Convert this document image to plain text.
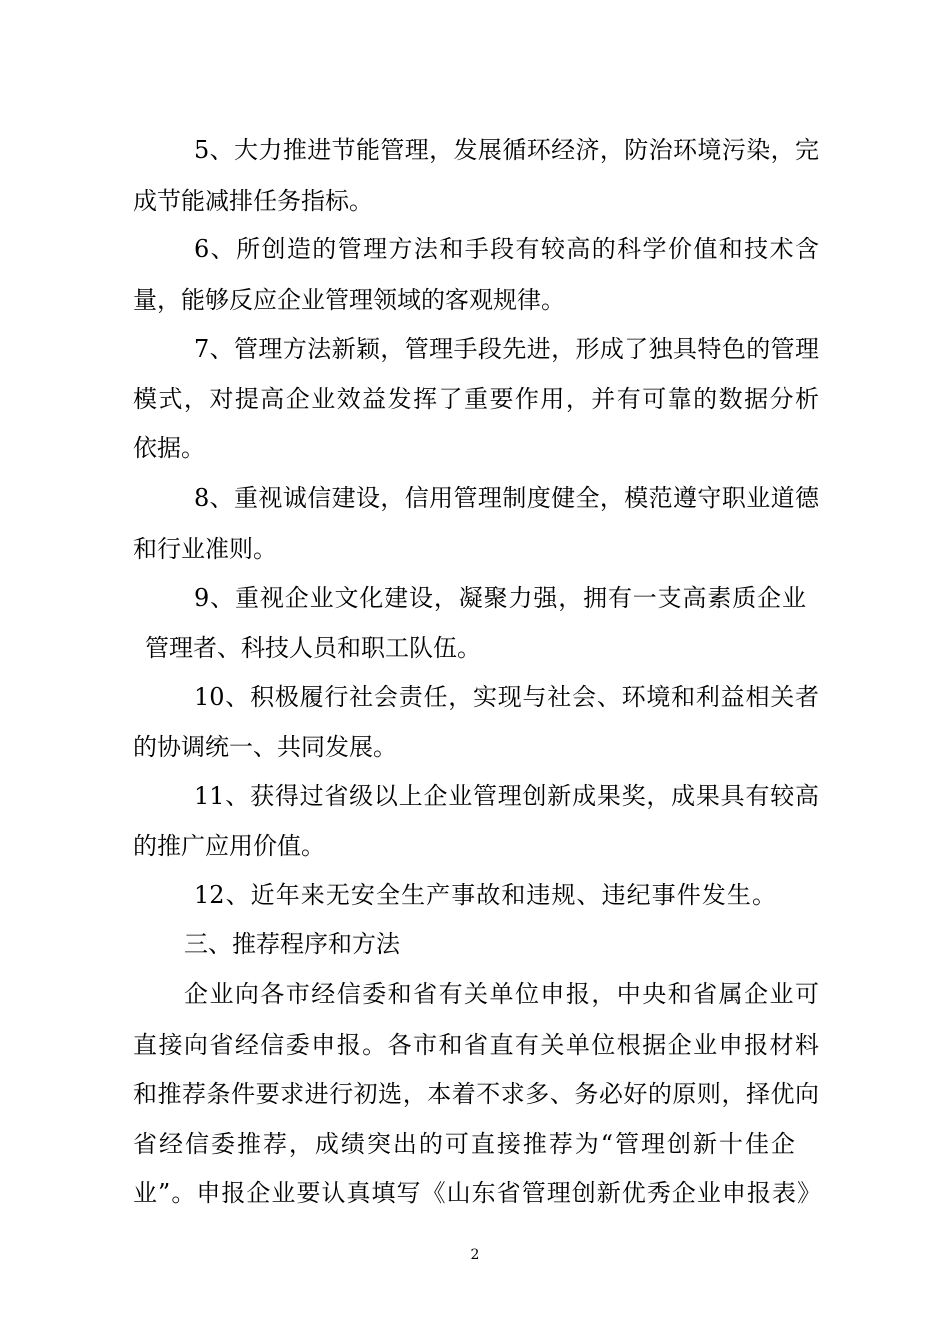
5、大力推进节能管理，发展循环经济，防治环境污染，完
成节能减排任务指标。
6、所创造的管理方法和手段有较高的科学价值和技术含
量，能够反应企业管理领域的客观规律。
7、管理方法新颖，管理手段先进，形成了独具特色的管理
模式，对提高企业效益发挥了重要作用，并有可靠的数据分析
依据。
8、重视诚信建设，信用管理制度健全，模范遵守职业道德
和行业准则。
9、重视企业文化建设，凝聚力强，拥有一支高素质企业
管理者、科技人员和职工队伍。
10、积极履行社会责任，实现与社会、环境和利益相关者
的协调统一、共同发展。
11、获得过省级以上企业管理创新成果奖，成果具有较高
的推广应用价值。
12、近年来无安全生产事故和违规、违纪事件发生。
三、推荐程序和方法
企业向各市经信委和省有关单位申报，中央和省属企业可
直接向省经信委申报。各市和省直有关单位根据企业申报材料
和推荐条件要求进行初选，本着不求多、务必好的原则，择优向
省经信委推荐，成绩突出的可直接推荐为“管理创新十佳企
业”。申报企业要认真填写《山东省管理创新优秀企业申报表》
2
